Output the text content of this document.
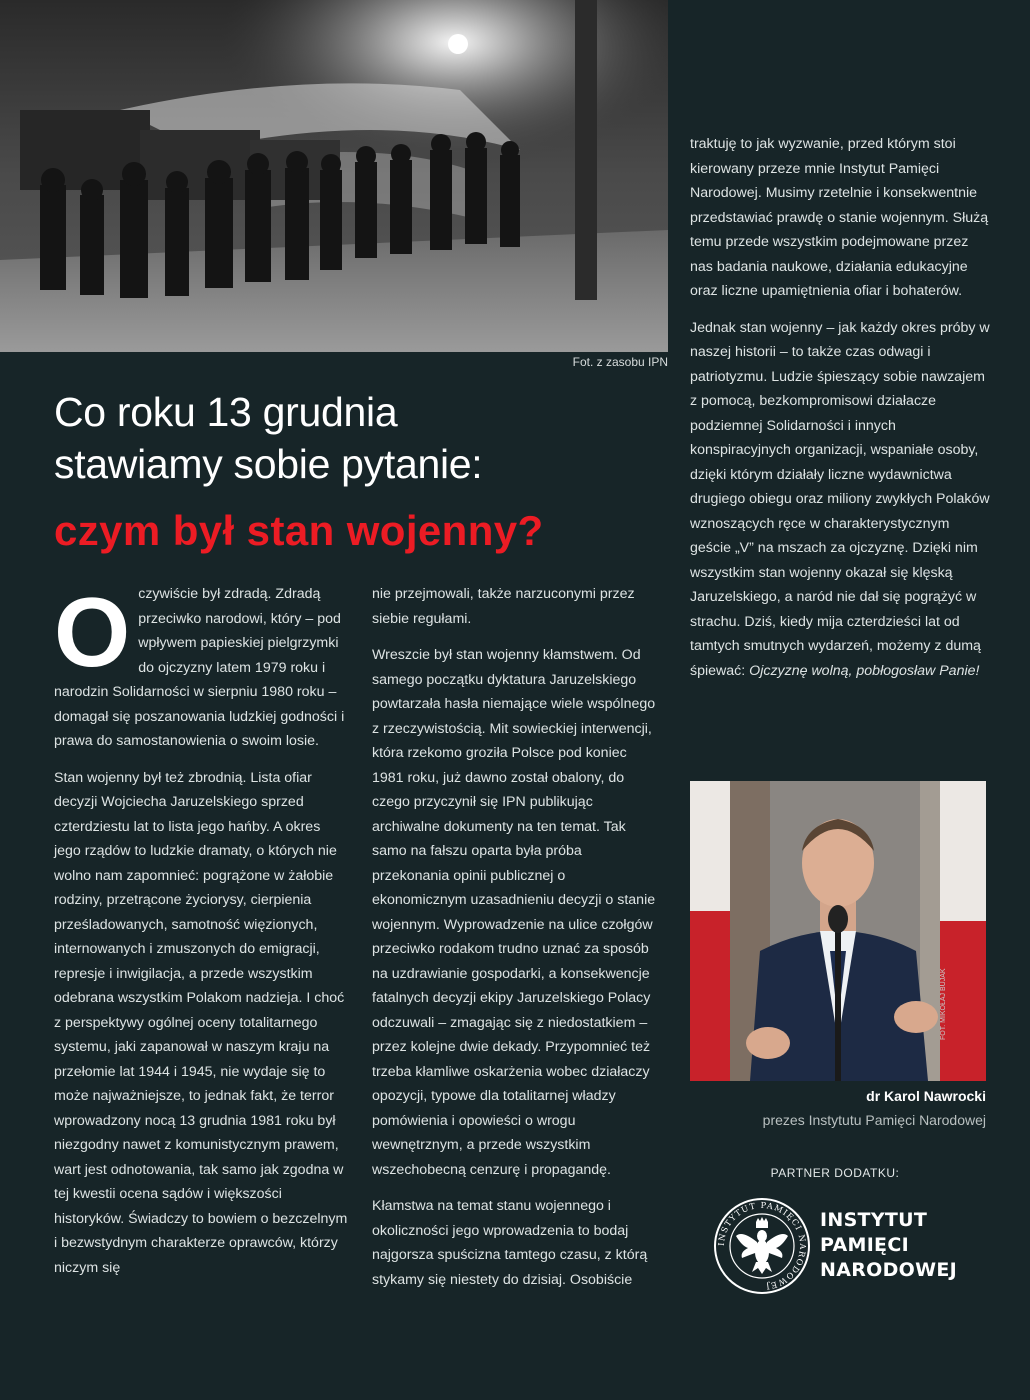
Fot. z zasobu IPN
Co roku 13 grudnia
stawiamy sobie pytanie:
czym był stan wojenny?

O czywiście był zdradą. Zdradą przeciwko narodowi, który – pod wpływem papieskiej pielgrzymki do ojczyzny latem 1979 roku i narodzin Solidarności w sierpniu 1980 roku – domagał się poszanowania ludzkiej godności i prawa do samostanowienia o swoim losie.

Stan wojenny był też zbrodnią. Lista ofiar decyzji Wojciecha Jaruzelskiego sprzed czterdziestu lat to lista jego hańby. A okres jego rządów to ludzkie dramaty, o których nie wolno nam zapomnieć: pogrążone w żałobie rodziny, przetrącone życiorysy, cierpienia prześladowanych, samotność więzionych, internowanych i zmuszonych do emigracji, represje i inwigilacja, a przede wszystkim odebrana wszystkim Polakom nadzieja. I choć z perspektywy ogólnej oceny totalitarnego systemu, jaki zapanował w naszym kraju na przełomie lat 1944 i 1945, nie wydaje się to może najważniejsze, to jednak fakt, że terror wprowadzony nocą 13 grudnia 1981 roku był niezgodny nawet z komunistycznym prawem, wart jest odnotowania, tak samo jak zgodna w tej kwestii ocena sądów i większości historyków. Świadczy to bowiem o bezczelnym i bezwstydnym charakterze oprawców, którzy niczym się

nie przejmowali, także narzuconymi przez siebie regułami.

Wreszcie był stan wojenny kłamstwem. Od samego początku dyktatura Jaruzelskiego powtarzała hasła niemające wiele wspólnego z rzeczywistością. Mit sowieckiej interwencji, która rzekomo groziła Polsce pod koniec 1981 roku, już dawno został obalony, do czego przyczynił się IPN publikując archiwalne dokumenty na ten temat. Tak samo na fałszu oparta była próba przekonania opinii publicznej o ekonomicznym uzasadnieniu decyzji o stanie wojennym. Wyprowadzenie na ulice czołgów przeciwko rodakom trudno uznać za sposób na uzdrawianie gospodarki, a konsekwencje fatalnych decyzji ekipy Jaruzelskiego Polacy odczuwali – zmagając się z niedostatkiem – przez kolejne dwie dekady. Przypomnieć też trzeba kłamliwe oskarżenia wobec działaczy opozycji, typowe dla totalitarnej władzy pomówienia i opowieści o wrogu wewnętrznym, a przede wszystkim wszechobecną cenzurę i propagandę.

Kłamstwa na temat stanu wojennego i okoliczności jego wprowadzenia to bodaj najgorsza spuścizna tamtego czasu, z którą stykamy się niestety do dzisiaj. Osobiście

traktuję to jak wyzwanie, przed którym stoi kierowany przeze mnie Instytut Pamięci Narodowej. Musimy rzetelnie i konsekwentnie przedstawiać prawdę o stanie wojennym. Służą temu przede wszystkim podejmowane przez nas badania naukowe, działania edukacyjne oraz liczne upamiętnienia ofiar i bohaterów.

Jednak stan wojenny – jak każdy okres próby w naszej historii – to także czas odwagi i patriotyzmu. Ludzie śpieszący sobie nawzajem z pomocą, bezkompromisowi działacze podziemnej Solidarności i innych konspiracyjnych organizacji, wspaniałe osoby, dzięki którym działały liczne wydawnictwa drugiego obiegu oraz miliony zwykłych Polaków wznoszących ręce w charakterystycznym geście „V” na mszach za ojczyznę. Dzięki nim wszystkim stan wojenny okazał się klęską Jaruzelskiego, a naród nie dał się pogrążyć w strachu. Dziś, kiedy mija czterdzieści lat od tamtych smutnych wydarzeń, możemy z dumą śpiewać: Ojczyznę wolną, pobłogosław Panie!

FOT. MIKOŁAJ BUJAK
dr Karol Nawrocki
prezes Instytutu Pamięci Narodowej
PARTNER DODATKU:
INSTYTUT PAMIĘCI NARODOWEJ
INSTYTUT
PAMIĘCI
NARODOWEJ
